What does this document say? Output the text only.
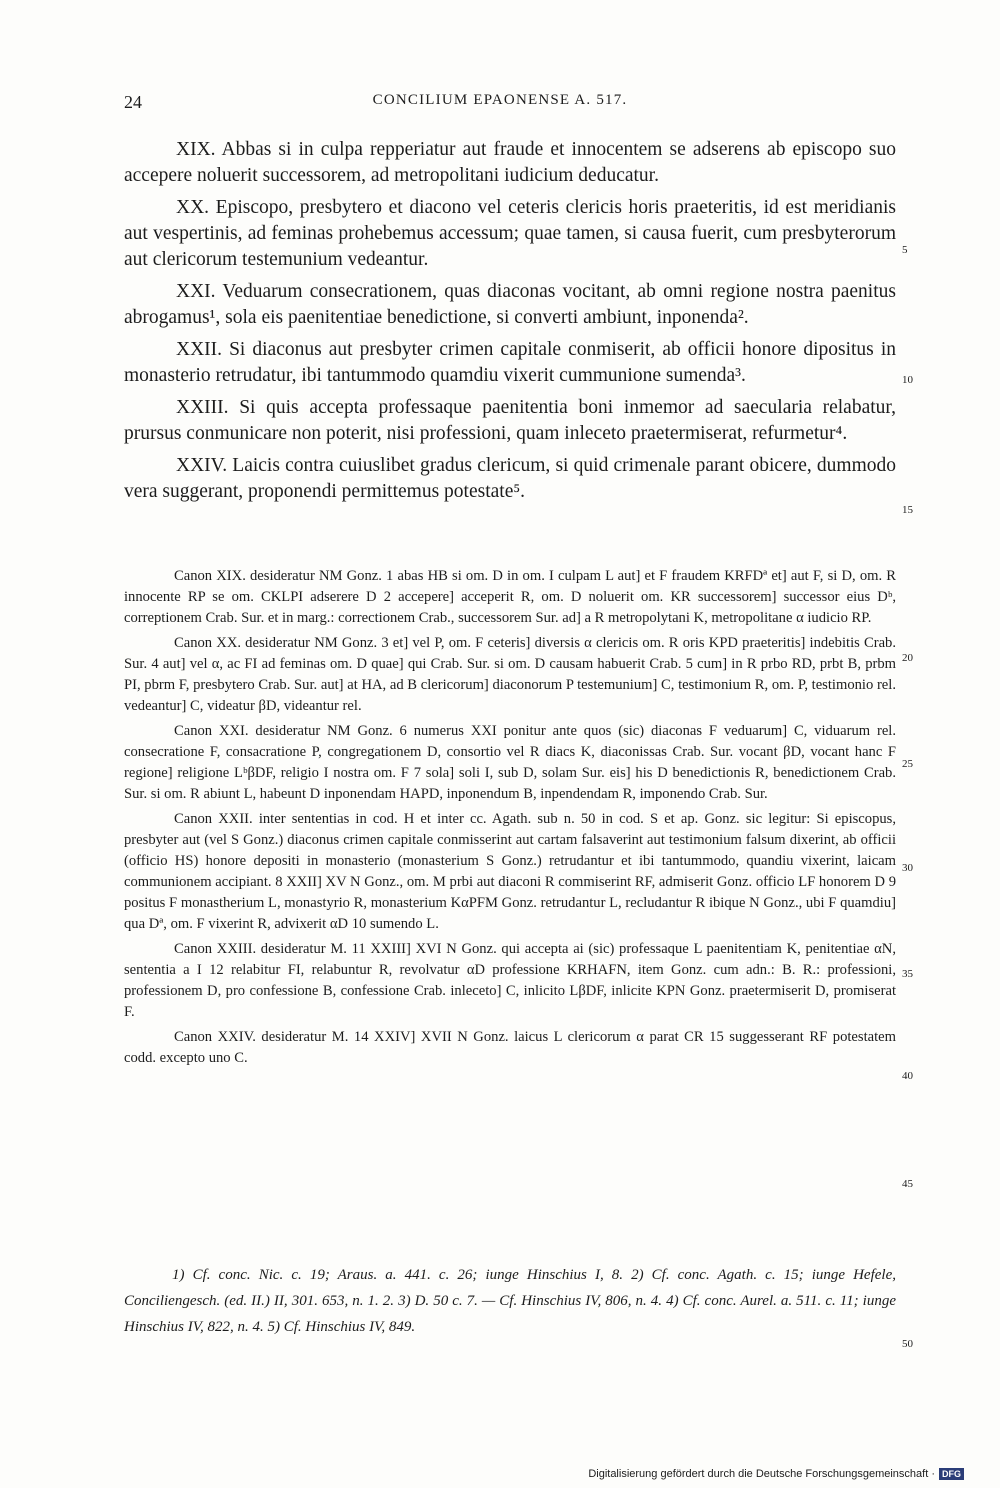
24	CONCILIUM EPAONENSE A. 517.

XIX. Abbas si in culpa repperiatur aut fraude et innocentem se adserens ab episcopo suo accepere noluerit successorem, ad metropolitani iudicium deducatur.

XX. Episcopo, presbytero et diacono vel ceteris clericis horis praeteritis, id est meridianis aut vespertinis, ad feminas prohebemus accessum; quae tamen, si causa fuerit, cum presbyterorum aut clericorum testemunium vedeantur.

XXI. Veduarum consecrationem, quas diaconas vocitant, ab omni regione nostra paenitus abrogamus¹, sola eis paenitentiae benedictione, si converti ambiunt, inponenda².

XXII. Si diaconus aut presbyter crimen capitale conmiserit, ab officii honore dipositus in monasterio retrudatur, ibi tantummodo quamdiu vixerit cummunione sumenda³.

XXIII. Si quis accepta professaque paenitentia boni inmemor ad saecularia relabatur, prursus conmunicare non poterit, nisi professioni, quam inleceto praetermiserat, refurmetur⁴.

XXIV. Laicis contra cuiuslibet gradus clericum, si quid crimenale parant obicere, dummodo vera suggerant, proponendi permittemus potestate⁵.

Canon XIX. desideratur NM Gonz. 1 abas HB si om. D in om. I culpam L aut] et F fraudem KRFDª et] aut F, si D, om. R innocente RP se om. CKLPI adserere D 2 accepere] acceperit R, om. D noluerit om. KR successorem] successor eius Dᵇ, correptionem Crab. Sur. et in marg.: correctionem Crab., successorem Sur. ad] a R metropolytani K, metropolitane α iudicio RP.

Canon XX. desideratur NM Gonz. 3 et] vel P, om. F ceteris] diversis α clericis om. R oris KPD praeteritis] indebitis Crab. Sur. 4 aut] vel α, ac FI ad feminas om. D quae] qui Crab. Sur. si om. D causam habuerit Crab. 5 cum] in R prbo RD, prbt B, prbm PI, pbrm F, presbytero Crab. Sur. aut] at HA, ad B clericorum] diaconorum P testemunium] C, testimonium R, om. P, testimonio rel. vedeantur] C, videatur βD, videantur rel.

Canon XXI. desideratur NM Gonz. 6 numerus XXI ponitur ante quos (sic) diaconas F veduarum] C, viduarum rel. consecratione F, consacratione P, congregationem D, consortio vel R diacs K, diaconissas Crab. Sur. vocant βD, vocant hanc F regione] religione LᵇβDF, religio I nostra om. F 7 sola] soli I, sub D, solam Sur. eis] his D benedictionis R, benedictionem Crab. Sur. si om. R abiunt L, habeunt D inponendam HAPD, inponendum B, inpendendam R, imponendo Crab. Sur.

Canon XXII. inter sententias in cod. H et inter cc. Agath. sub n. 50 in cod. S et ap. Gonz. sic legitur: Si episcopus, presbyter aut (vel S Gonz.) diaconus crimen capitale conmisserint aut cartam falsaverint aut testimonium falsum dixerint, ab officii (officio HS) honore depositi in monasterio (monasterium S Gonz.) retrudantur et ibi tantummodo, quandiu vixerint, laicam communionem accipiant. 8 XXII] XV N Gonz., om. M prbi aut diaconi R commiserint RF, admiserit Gonz. officio LF honorem D 9 positus F monastherium L, monastyrio R, monasterium KαPFM Gonz. retrudantur L, recludantur R ibique N Gonz., ubi F quamdiu] qua Dª, om. F vixerint R, advixerit αD 10 sumendo L.

Canon XXIII. desideratur M. 11 XXIII] XVI N Gonz. qui accepta ai (sic) professaque L paenitentiam K, penitentiae αN, sententia a I 12 relabitur FI, relabuntur R, revolvatur αD professione KRHAFN, item Gonz. cum adn.: B. R.: professioni, professionem D, pro confessione B, confessione Crab. inleceto] C, inlicito LβDF, inlicite KPN Gonz. praetermiserit D, promiserat F.

Canon XXIV. desideratur M. 14 XXIV] XVII N Gonz. laicus L clericorum α parat CR 15 suggesserant RF potestatem codd. excepto uno C.

1) Cf. conc. Nic. c. 19; Araus. a. 441. c. 26; iunge Hinschius I, 8. 2) Cf. conc. Agath. c. 15; iunge Hefele, Conciliengesch. (ed. II.) II, 301. 653, n. 1. 2. 3) D. 50 c. 7. — Cf. Hinschius IV, 806, n. 4. 4) Cf. conc. Aurel. a. 511. c. 11; iunge Hinschius IV, 822, n. 4. 5) Cf. Hinschius IV, 849.

5
10
15
20
25
30
35
40
45
50
Digitalisierung gefördert durch die Deutsche Forschungsgemeinschaft · DFG
